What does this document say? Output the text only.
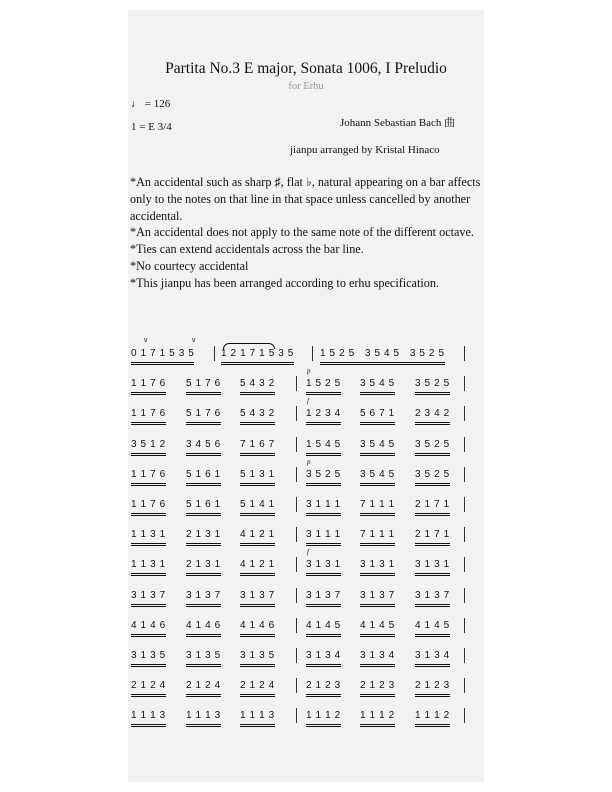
Partita No.3 E major, Sonata 1006, I Preludio
for Erhu
♩ = 126
1 = E 3/4	Johann Sebastian Bach 曲
jianpu arranged by Kristal Hinaco

*An accidental such as sharp ♯, flat ♭, natural appearing on a bar affects only to the notes on that line in that space unless cancelled by another accidental.

*An accidental does not apply to the same note of the different octave.

*Ties can extend accidentals across the bar line.

*No courtecy accidental

*This jianpu has been arranged according to erhu specification.

0 1 7 1 5 3 5	1 2 1 7 1 5 3 5	1 5 2 5   3 5 4 5   3 5 2 5
v	v
1 1 7 6 5 1 7 6 5 4 3 2	1 5 2 5 3 5 4 5 3 5 2 5
p
1 1 7 6 5 1 7 6 5 4 3 2	1 2 3 4 5 6 7 1 2 3 4 2
f
3 5 1 2 3 4 5 6 7 1 6 7	1 5 4 5 3 5 4 5 3 5 2 5
1 1 7 6 5 1 6 1 5 1 3 1	3 5 2 5 3 5 4 5 3 5 2 5
p
1 1 7 6 5 1 6 1 5 1 4 1	3 1 1 1 7 1 1 1 2 1 7 1
1 1 3 1 2 1 3 1 4 1 2 1	3 1 1 1 7 1 1 1 2 1 7 1
1 1 3 1 2 1 3 1 4 1 2 1	3 1 3 1 3 1 3 1 3 1 3 1
f
3 1 3 7 3 1 3 7 3 1 3 7	3 1 3 7 3 1 3 7 3 1 3 7
4 1 4 6 4 1 4 6 4 1 4 6	4 1 4 5 4 1 4 5 4 1 4 5
3 1 3 5 3 1 3 5 3 1 3 5	3 1 3 4 3 1 3 4 3 1 3 4
2 1 2 4 2 1 2 4 2 1 2 4	2 1 2 3 2 1 2 3 2 1 2 3
1 1 1 3 1 1 1 3 1 1 1 3	1 1 1 2 1 1 1 2 1 1 1 2
